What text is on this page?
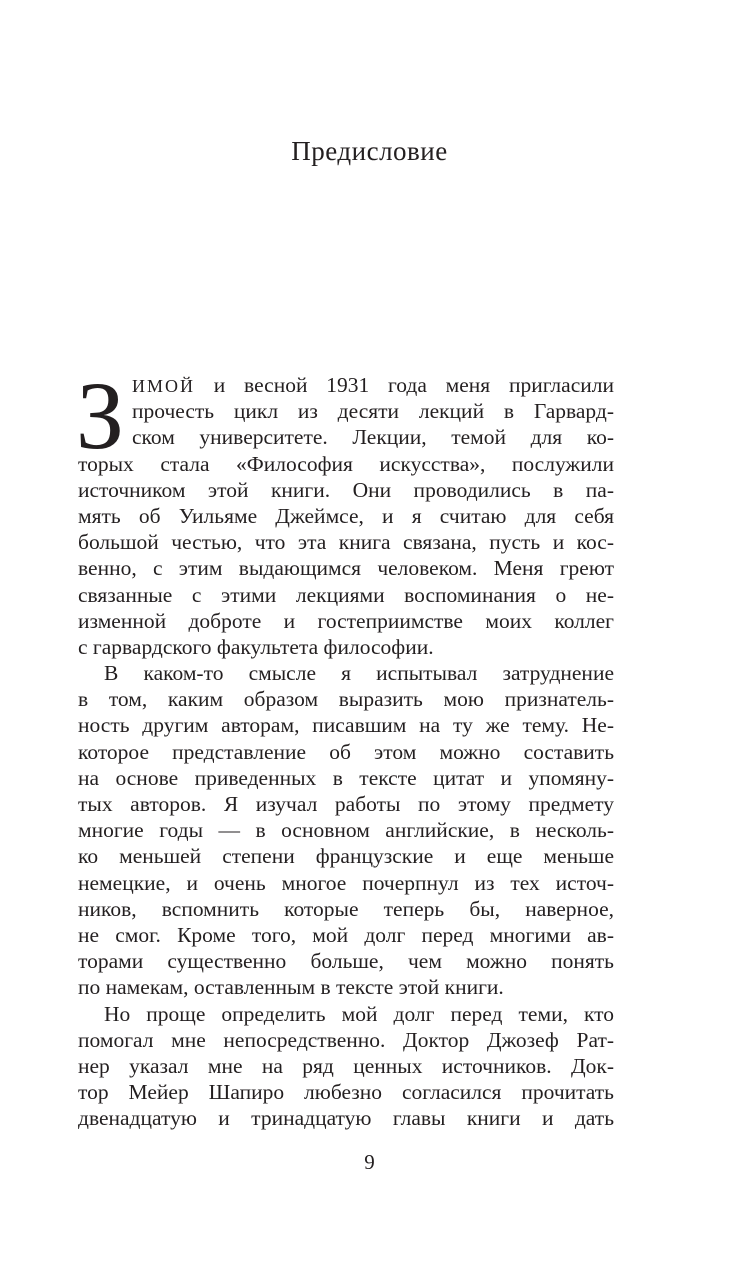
Предисловие
З ИМОЙ и весной 1931 года меня пригласили
прочесть цикл из десяти лекций в Гарвард-
ском университете. Лекции, темой для ко-
торых стала «Философия искусства», послужили
источником этой книги. Они проводились в па-
мять об Уильяме Джеймсе, и я считаю для себя
большой честью, что эта книга связана, пусть и кос-
венно, с этим выдающимся человеком. Меня греют
связанные с этими лекциями воспоминания о не-
изменной доброте и гостеприимстве моих коллег
с гарвардского факультета философии.
В каком-то смысле я испытывал затруднение
в том, каким образом выразить мою признатель-
ность другим авторам, писавшим на ту же тему. Не-
которое представление об этом можно составить
на основе приведенных в тексте цитат и упомяну-
тых авторов. Я изучал работы по этому предмету
многие годы — в основном английские, в несколь-
ко меньшей степени французские и еще меньше
немецкие, и очень многое почерпнул из тех источ-
ников, вспомнить которые теперь бы, наверное,
не смог. Кроме того, мой долг перед многими ав-
торами существенно больше, чем можно понять
по намекам, оставленным в тексте этой книги.
Но проще определить мой долг перед теми, кто
помогал мне непосредственно. Доктор Джозеф Рат-
нер указал мне на ряд ценных источников. Док-
тор Мейер Шапиро любезно согласился прочитать
двенадцатую и тринадцатую главы книги и дать
9
